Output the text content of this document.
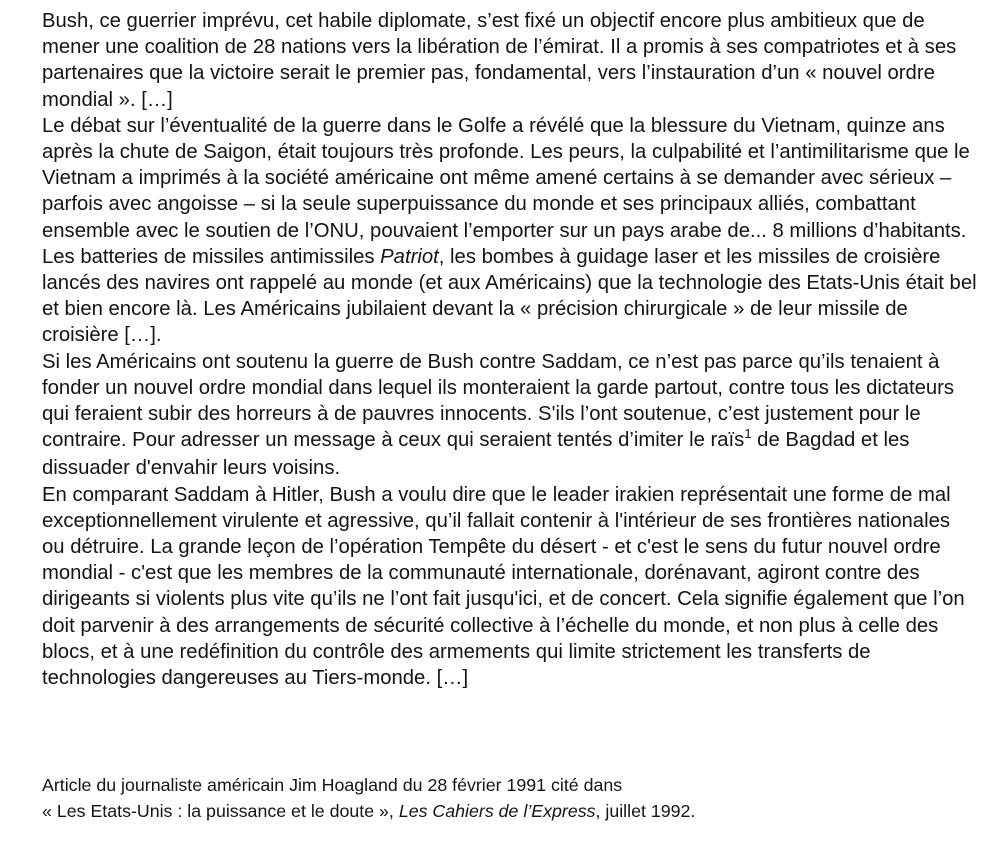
Bush, ce guerrier imprévu, cet habile diplomate, s’est fixé un objectif encore plus ambitieux que de mener une coalition de 28 nations vers la libération de l’émirat. Il a promis à ses compatriotes et à ses partenaires que la victoire serait le premier pas, fondamental, vers l’instauration d’un « nouvel ordre mondial ». […]

Le débat sur l’éventualité de la guerre dans le Golfe a révélé que la blessure du Vietnam, quinze ans après la chute de Saigon, était toujours très profonde. Les peurs, la culpabilité et l’antimilitarisme que le Vietnam a imprimés à la société américaine ont même amené certains à se demander avec sérieux – parfois avec angoisse – si la seule superpuissance du monde et ses principaux alliés, combattant ensemble avec le soutien de l’ONU, pouvaient l’emporter sur un pays arabe de... 8 millions d’habitants.

Les batteries de missiles antimissiles Patriot, les bombes à guidage laser et les missiles de croisière lancés des navires ont rappelé au monde (et aux Américains) que la technologie des Etats-Unis était bel et bien encore là. Les Américains jubilaient devant la « précision chirurgicale » de leur missile de croisière […].

Si les Américains ont soutenu la guerre de Bush contre Saddam, ce n’est pas parce qu’ils tenaient à fonder un nouvel ordre mondial dans lequel ils monteraient la garde partout, contre tous les dictateurs qui feraient subir des horreurs à de pauvres innocents. S'ils l’ont soutenue, c’est justement pour le contraire. Pour adresser un message à ceux qui seraient tentés d’imiter le raïs$^1$ de Bagdad et les dissuader d'envahir leurs voisins.

En comparant Saddam à Hitler, Bush a voulu dire que le leader irakien représentait une forme de mal exceptionnellement virulente et agressive, qu’il fallait contenir à l'intérieur de ses frontières nationales ou détruire. La grande leçon de l’opération Tempête du désert - et c'est le sens du futur nouvel ordre mondial - c'est que les membres de la communauté internationale, dorénavant, agiront contre des dirigeants si violents plus vite qu’ils ne l’ont fait jusqu'ici, et de concert. Cela signifie également que l’on doit parvenir à des arrangements de sécurité collective à l’échelle du monde, et non plus à celle des blocs, et à une redéfinition du contrôle des armements qui limite strictement les transferts de technologies dangereuses au Tiers-monde. […]

Article du journaliste américain Jim Hoagland du 28 février 1991 cité dans

« Les Etats-Unis : la puissance et le doute », Les Cahiers de l’Express, juillet 1992.
